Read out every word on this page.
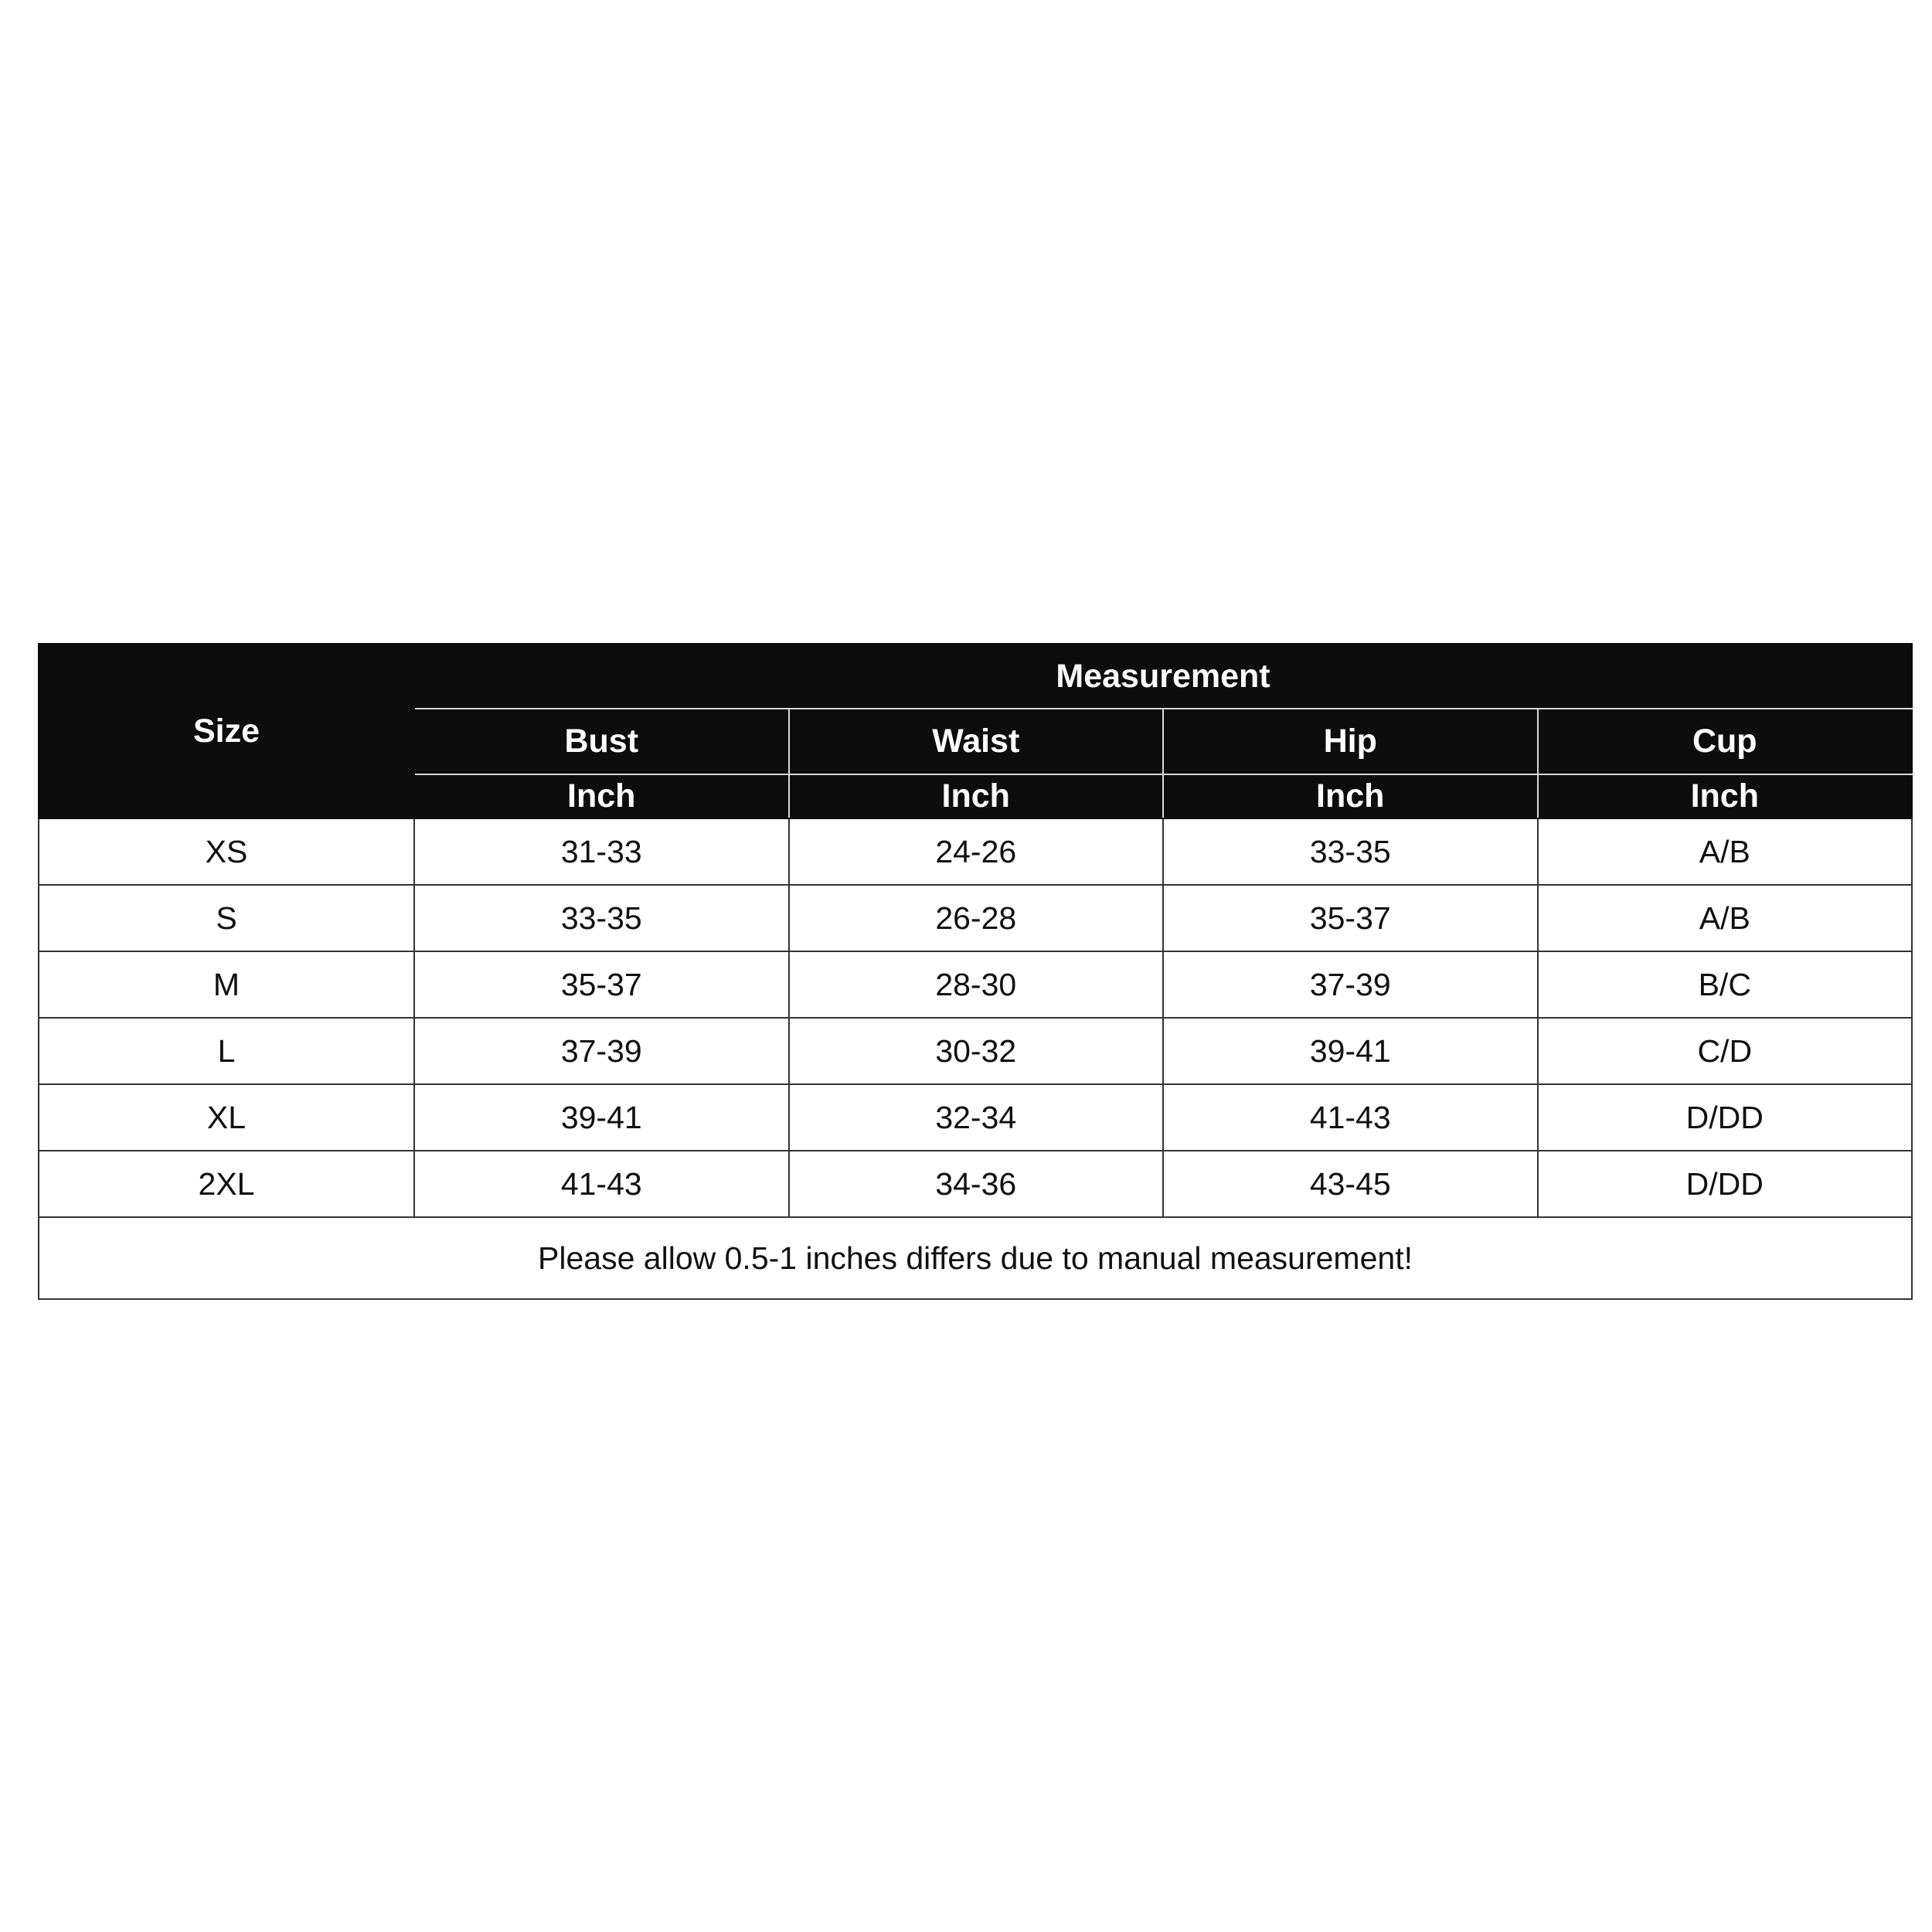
Size	Measurement			
	Bust	Waist	Hip	Cup
	Inch	Inch	Inch	Inch
XS	31-33	24-26	33-35	A/B
S	33-35	26-28	35-37	A/B
M	35-37	28-30	37-39	B/C
L	37-39	30-32	39-41	C/D
XL	39-41	32-34	41-43	D/DD
2XL	41-43	34-36	43-45	D/DD
Please allow 0.5-1 inches differs due to manual measurement!				
